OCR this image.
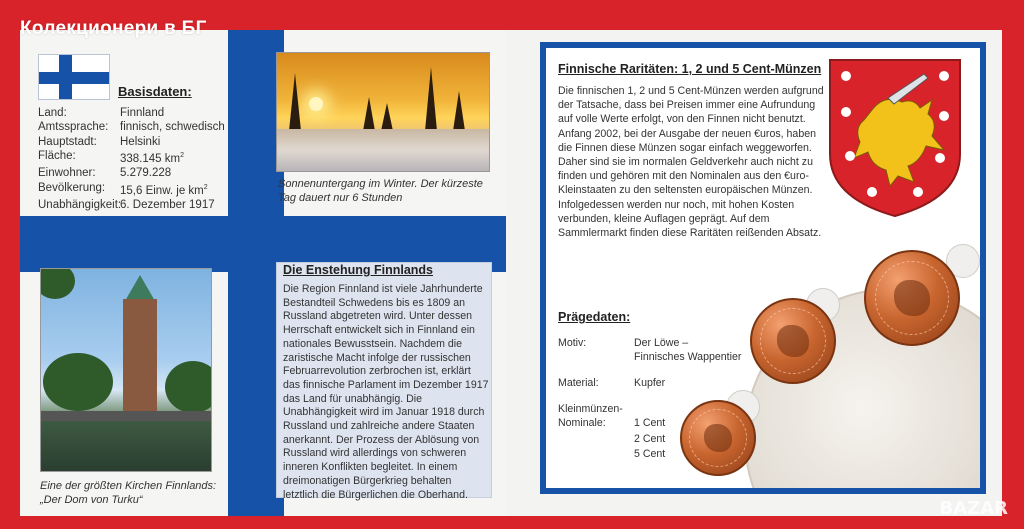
Колекционери в БГ
Basisdaten:
Land:	Finnland
Amtssprache:	finnisch, schwedisch
Hauptstadt:	Helsinki
Fläche:	338.145 $km^2$
Einwohner:	5.279.228
Bevölkerung:	15,6 Einw. je $km^2$
Unabhängigkeit:
6. Dezember 1917
Sonnenuntergang im Winter. Der kürzeste
Tag dauert nur 6 Stunden
Eine der größten Kirchen Finnlands:
„Der Dom von Turku“
Die Enstehung Finnlands

Die Region Finnland ist viele Jahrhunderte Bestandteil Schwedens bis es 1809 an Russland abgetreten wird. Unter dessen Herrschaft entwickelt sich in Finnland ein nationales Bewusstsein. Nachdem die zaristische Macht infolge der russischen Februarrevolution zerbrochen ist, erklärt das finnische Parlament im Dezember 1917 das Land für unabhängig. Die Unabhängigkeit wird im Januar 1918 durch Russland und zahlreiche andere Staaten anerkannt. Der Prozess der Ablösung von Russland wird allerdings von schweren inneren Konflikten begleitet. In einem dreimonatigen Bürgerkrieg behalten letztlich die Bürgerlichen die Oberhand.

Finnische Raritäten: 1, 2 und 5 Cent-Münzen
Die finnischen 1, 2 und 5 Cent-Münzen werden aufgrund der Tatsache, dass bei Preisen immer eine Aufrundung auf volle Werte erfolgt, von den Finnen nicht benutzt. Anfang 2002, bei der Ausgabe der neuen €uros, haben die Finnen diese Münzen sogar einfach weggeworfen. Daher sind sie im normalen Geldverkehr auch nicht zu finden und gehören mit den Nominalen aus den €uro-Kleinstaaten zu den seltensten europäischen Münzen. Infolgedessen werden nur noch, mit hohen Kosten verbunden, kleine Auflagen geprägt. Auf dem Sammlermarkt finden diese Raritäten reißenden Absatz.
Prägedaten:
Motiv:	Der Löwe –
Finnisches Wappentier
Material:	Kupfer
Kleinmünzen-
Nominale:	1 Cent
2 Cent
5 Cent
BAZAR
